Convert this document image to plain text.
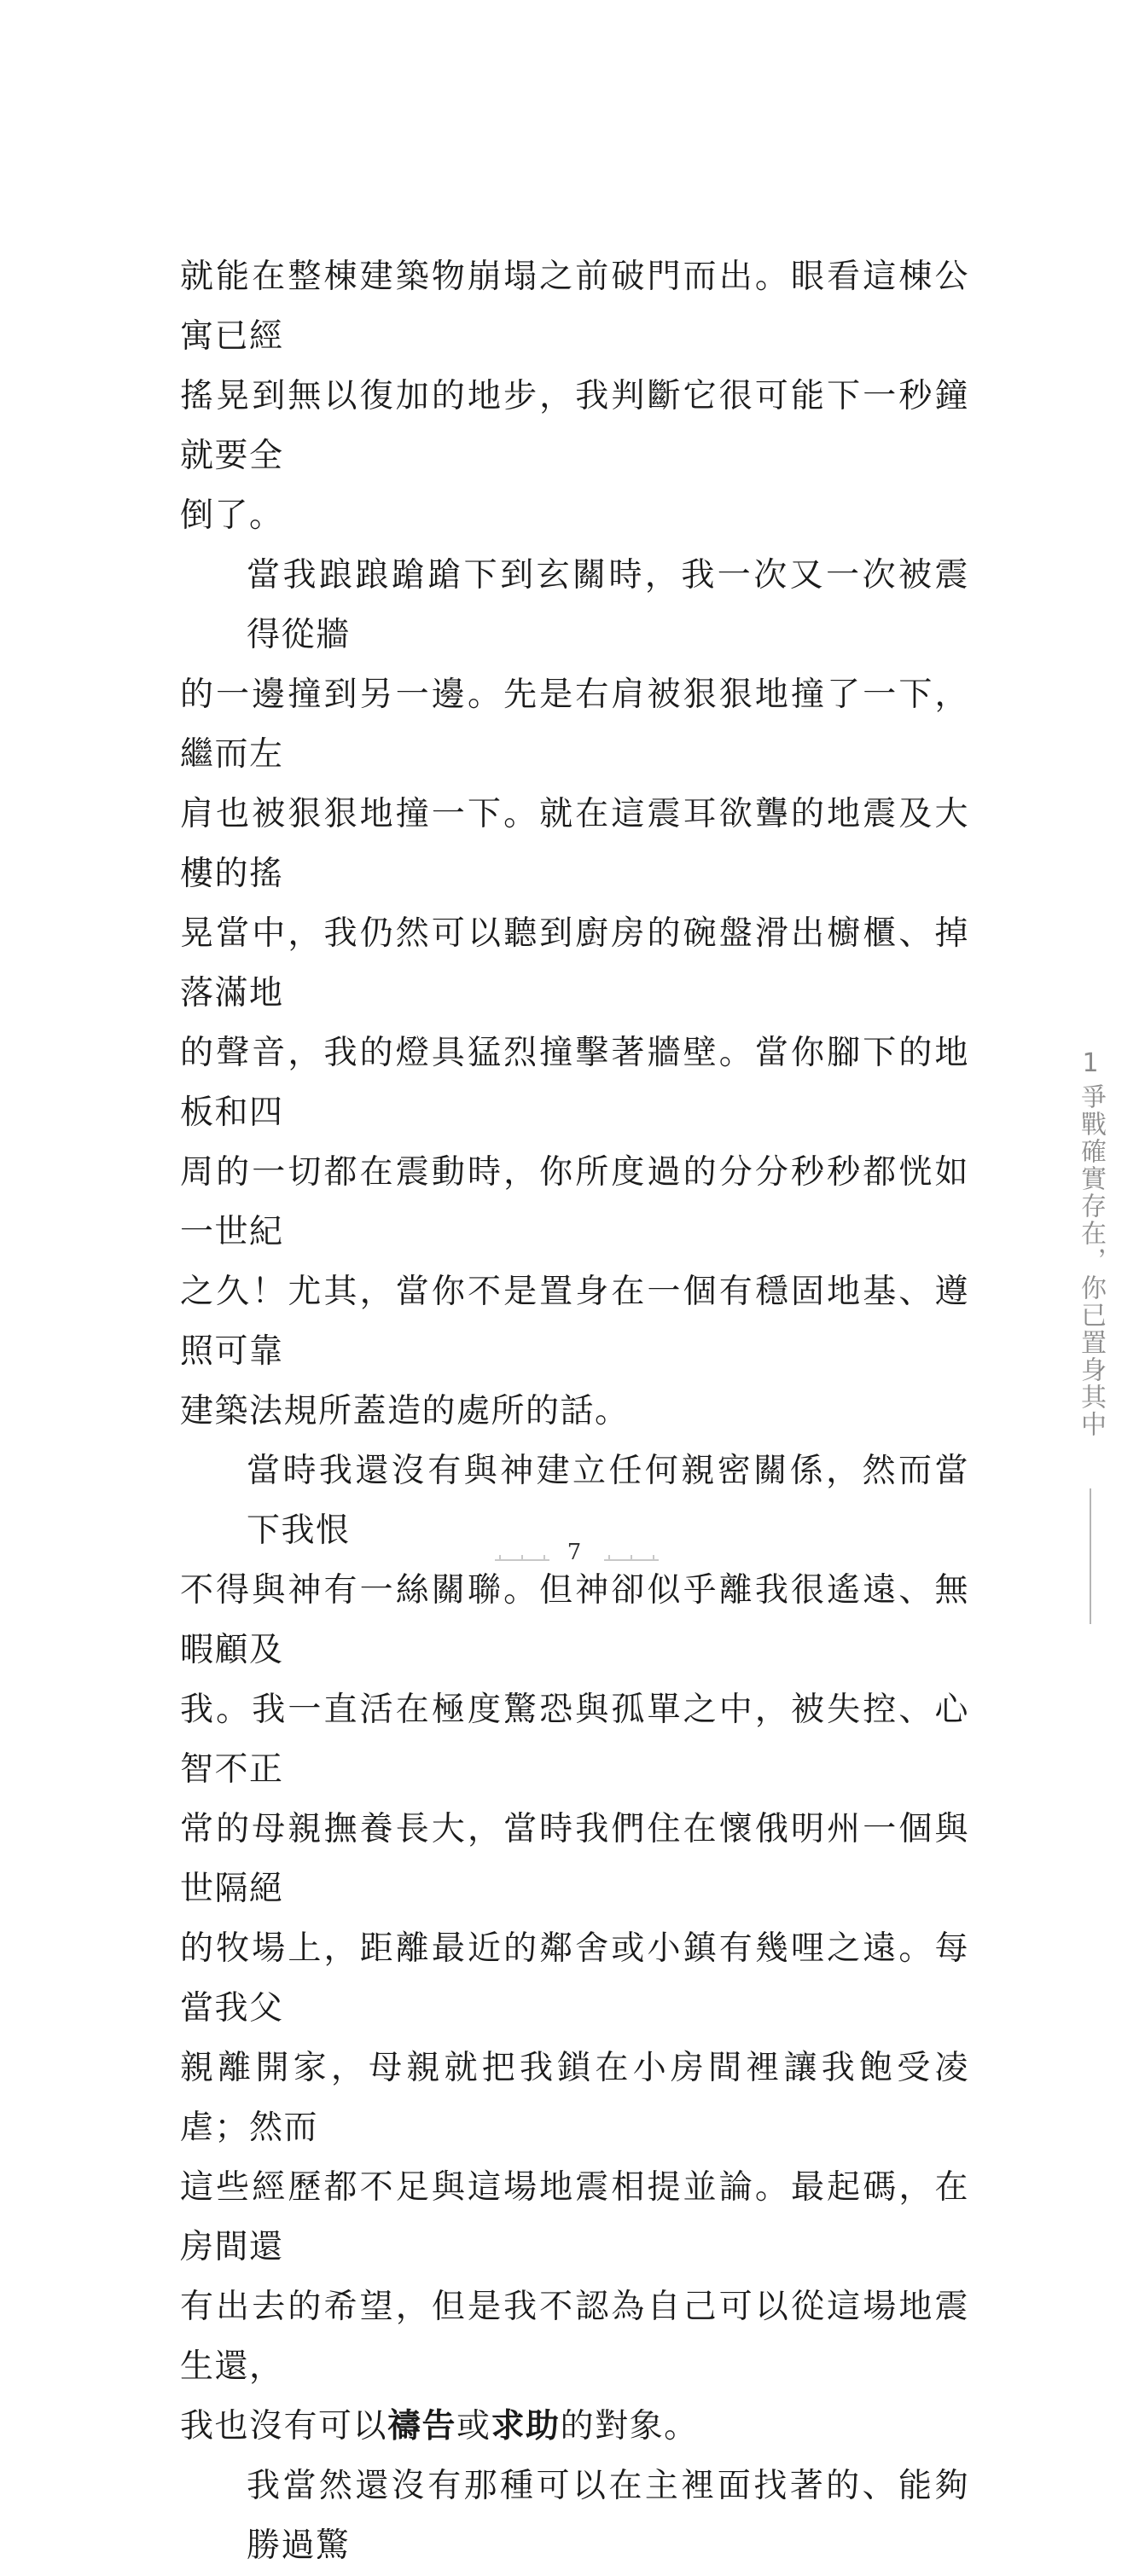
就能在整棟建築物崩塌之前破門而出。眼看這棟公寓已經
搖晃到無以復加的地步，我判斷它很可能下一秒鐘就要全
倒了。

當我踉踉蹌蹌下到玄關時，我一次又一次被震得從牆
的一邊撞到另一邊。先是右肩被狠狠地撞了一下，繼而左
肩也被狠狠地撞一下。就在這震耳欲聾的地震及大樓的搖
晃當中，我仍然可以聽到廚房的碗盤滑出櫥櫃、掉落滿地
的聲音，我的燈具猛烈撞擊著牆壁。當你腳下的地板和四
周的一切都在震動時，你所度過的分分秒秒都恍如一世紀
之久！尤其，當你不是置身在一個有穩固地基、遵照可靠
建築法規所蓋造的處所的話。

當時我還沒有與神建立任何親密關係，然而當下我恨
不得與神有一絲關聯。但神卻似乎離我很遙遠、無暇顧及
我。我一直活在極度驚恐與孤單之中，被失控、心智不正
常的母親撫養長大，當時我們住在懷俄明州一個與世隔絕
的牧場上，距離最近的鄰舍或小鎮有幾哩之遠。每當我父
親離開家，母親就把我鎖在小房間裡讓我飽受凌虐；然而
這些經歷都不足與這場地震相提並論。最起碼，在房間還
有出去的希望，但是我不認為自己可以從這場地震生還，
我也沒有可以禱告或求助的對象。

我當然還沒有那種可以在主裡面找著的、能夠勝過驚

1
爭戰確實存在，你已置身其中
7
